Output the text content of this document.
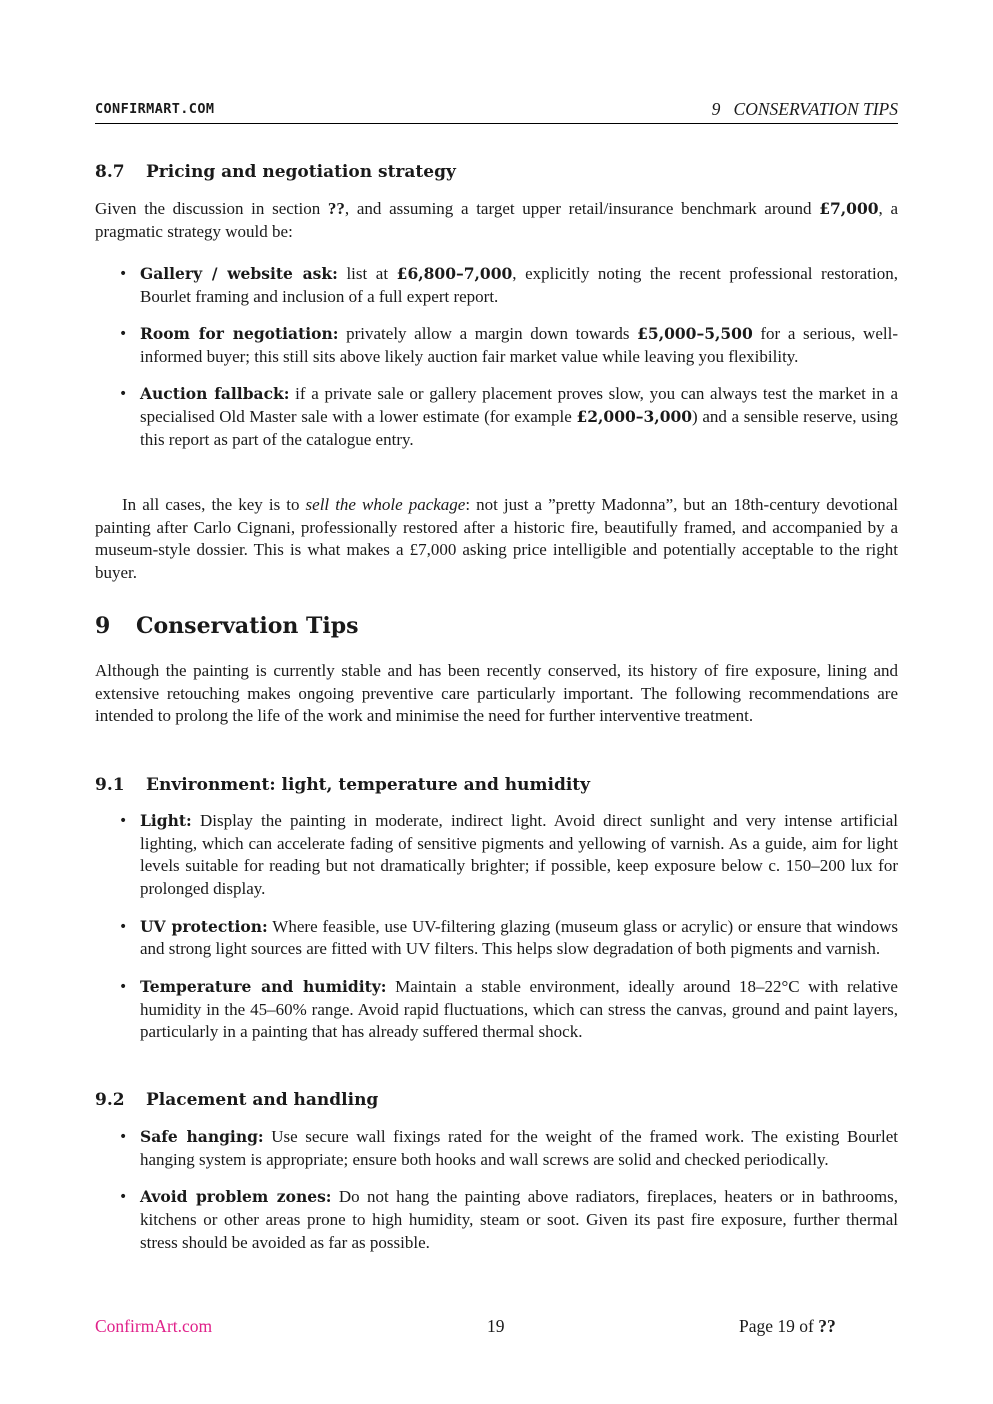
CONFIRMART.COM	9   CONSERVATION TIPS
8.7 Pricing and negotiation strategy

Given the discussion in section ??, and assuming a target upper retail/insurance benchmark around £7,000, a pragmatic strategy would be:

• Gallery / website ask: list at £6,800–7,000, explicitly noting the recent professional restoration, Bourlet framing and inclusion of a full expert report.

• Room for negotiation: privately allow a margin down towards £5,000–5,500 for a serious, well-informed buyer; this still sits above likely auction fair market value while leaving you flexibility.

• Auction fallback: if a private sale or gallery placement proves slow, you can always test the market in a specialised Old Master sale with a lower estimate (for example £2,000–3,000) and a sensible reserve, using this report as part of the catalogue entry.

In all cases, the key is to sell the whole package: not just a ”pretty Madonna”, but an 18th-century devotional painting after Carlo Cignani, professionally restored after a historic fire, beautifully framed, and accompanied by a museum-style dossier. This is what makes a £7,000 asking price intelligible and potentially acceptable to the right buyer.

9 Conservation Tips

Although the painting is currently stable and has been recently conserved, its history of fire exposure, lining and extensive retouching makes ongoing preventive care particularly important. The following recommendations are intended to prolong the life of the work and minimise the need for further interventive treatment.

9.1 Environment: light, temperature and humidity
• Light: Display the painting in moderate, indirect light. Avoid direct sunlight and very intense artificial lighting, which can accelerate fading of sensitive pigments and yellowing of varnish. As a guide, aim for light levels suitable for reading but not dramatically brighter; if possible, keep exposure below c. 150–200 lux for prolonged display.

• UV protection: Where feasible, use UV-filtering glazing (museum glass or acrylic) or ensure that windows and strong light sources are fitted with UV filters. This helps slow degradation of both pigments and varnish.

• Temperature and humidity: Maintain a stable environment, ideally around 18–22°C with relative humidity in the 45–60% range. Avoid rapid fluctuations, which can stress the canvas, ground and paint layers, particularly in a painting that has already suffered thermal shock.

9.2 Placement and handling
• Safe hanging: Use secure wall fixings rated for the weight of the framed work. The existing Bourlet hanging system is appropriate; ensure both hooks and wall screws are solid and checked periodically.

• Avoid problem zones: Do not hang the painting above radiators, fireplaces, heaters or in bathrooms, kitchens or other areas prone to high humidity, steam or soot. Given its past fire exposure, further thermal stress should be avoided as far as possible.

ConfirmArt.com	19	Page 19 of ??
